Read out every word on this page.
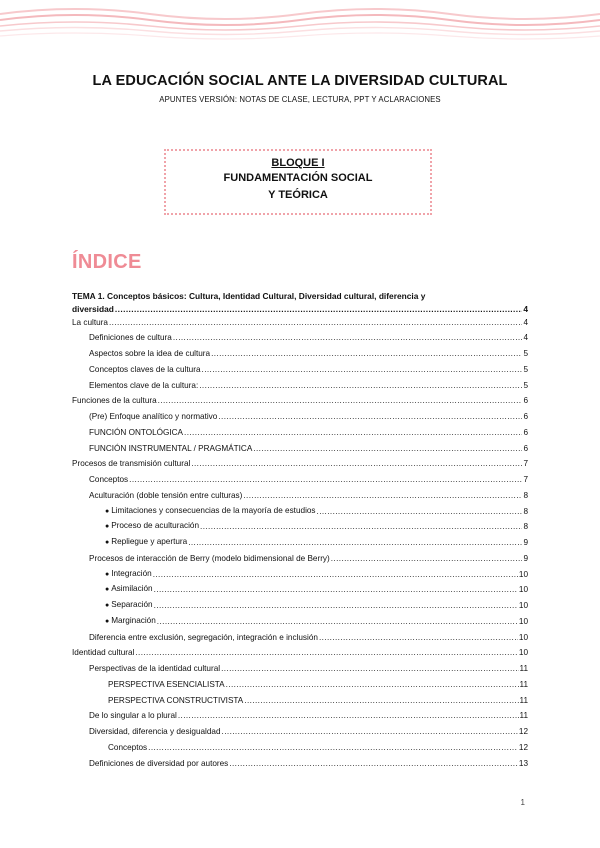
LA EDUCACIÓN SOCIAL ANTE LA DIVERSIDAD CULTURAL
APUNTES VERSIÓN: NOTAS DE CLASE, LECTURA, PPT Y ACLARACIONES
BLOQUE I
FUNDAMENTACIÓN SOCIAL
Y TEÓRICA
ÍNDICE
TEMA 1. Conceptos básicos: Cultura, Identidad Cultural, Diversidad cultural, diferencia y
diversidad .....	4
La cultura .....	4
Definiciones de cultura .....	4
Aspectos sobre la idea de cultura .....	5
Conceptos claves de la cultura .....	5
Elementos clave de la cultura: .....	5
Funciones de la cultura .....	6
(Pre) Enfoque analítico y normativo .....	6
FUNCIÓN ONTOLÓGICA .....	6
FUNCIÓN INSTRUMENTAL / PRAGMÁTICA .....	6
Procesos de transmisión cultural .....	7
Conceptos .....	7
Aculturación (doble tensión entre culturas) .....	8
● Limitaciones y consecuencias de la mayoría de estudios .....	8
● Proceso de aculturación .....	8
● Repliegue y apertura .....	9
Procesos de interacción de Berry (modelo bidimensional de Berry) .....	9
● Integración .....	10
● Asimilación .....	10
● Separación .....	10
● Marginación .....	10
Diferencia entre exclusión, segregación, integración e inclusión .....	10
Identidad cultural .....	10
Perspectivas de la identidad cultural .....	11
PERSPECTIVA ESENCIALISTA .....	11
PERSPECTIVA CONSTRUCTIVISTA .....	11
De lo singular a lo plural .....	11
Diversidad, diferencia y desigualdad .....	12
Conceptos .....	12
Definiciones de diversidad por autores .....	13
1
